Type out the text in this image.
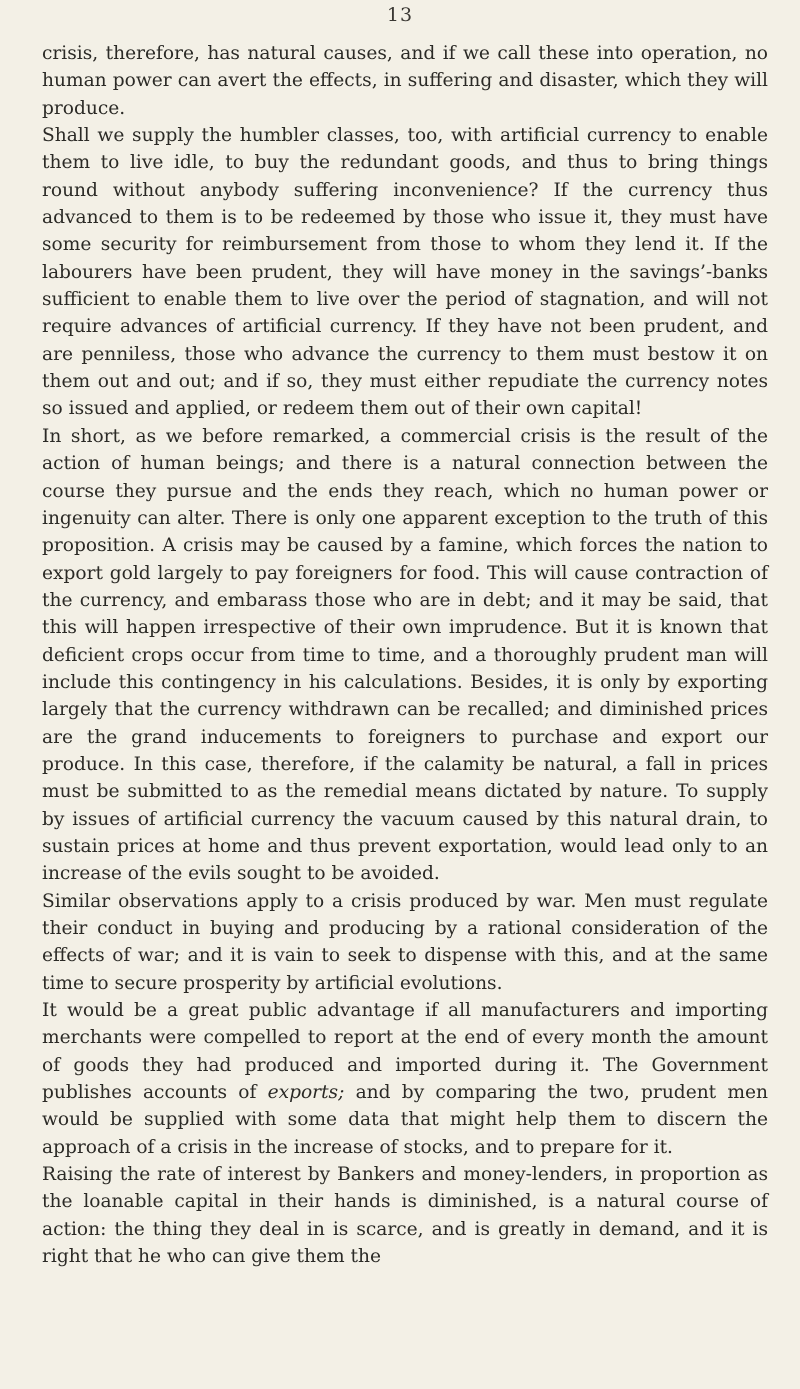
13

crisis, therefore, has natural causes, and if we call these into operation, no human power can avert the effects, in suffering and disaster, which they will produce.

Shall we supply the humbler classes, too, with artificial currency to enable them to live idle, to buy the redundant goods, and thus to bring things round without anybody suffering inconvenience? If the currency thus advanced to them is to be redeemed by those who issue it, they must have some security for reimbursement from those to whom they lend it. If the labourers have been prudent, they will have money in the savings’-banks sufficient to enable them to live over the period of stagnation, and will not require advances of artificial currency. If they have not been prudent, and are penniless, those who advance the currency to them must bestow it on them out and out; and if so, they must either repudiate the currency notes so issued and applied, or redeem them out of their own capital!

In short, as we before remarked, a commercial crisis is the result of the action of human beings; and there is a natural connection between the course they pursue and the ends they reach, which no human power or ingenuity can alter. There is only one apparent exception to the truth of this proposition. A crisis may be caused by a famine, which forces the nation to export gold largely to pay foreigners for food. This will cause contraction of the currency, and embarass those who are in debt; and it may be said, that this will happen irrespective of their own imprudence. But it is known that deficient crops occur from time to time, and a thoroughly prudent man will include this contingency in his calculations. Besides, it is only by exporting largely that the currency withdrawn can be recalled; and diminished prices are the grand inducements to foreigners to purchase and export our produce. In this case, therefore, if the calamity be natural, a fall in prices must be submitted to as the remedial means dictated by nature. To supply by issues of artificial currency the vacuum caused by this natural drain, to sustain prices at home and thus prevent exportation, would lead only to an increase of the evils sought to be avoided.

Similar observations apply to a crisis produced by war. Men must regulate their conduct in buying and producing by a rational consideration of the effects of war; and it is vain to seek to dispense with this, and at the same time to secure prosperity by artificial evolutions.

It would be a great public advantage if all manufacturers and importing merchants were compelled to report at the end of every month the amount of goods they had produced and imported during it. The Government publishes accounts of exports; and by comparing the two, prudent men would be supplied with some data that might help them to discern the approach of a crisis in the increase of stocks, and to prepare for it.

Raising the rate of interest by Bankers and money-lenders, in proportion as the loanable capital in their hands is diminished, is a natural course of action: the thing they deal in is scarce, and is greatly in demand, and it is right that he who can give them the
